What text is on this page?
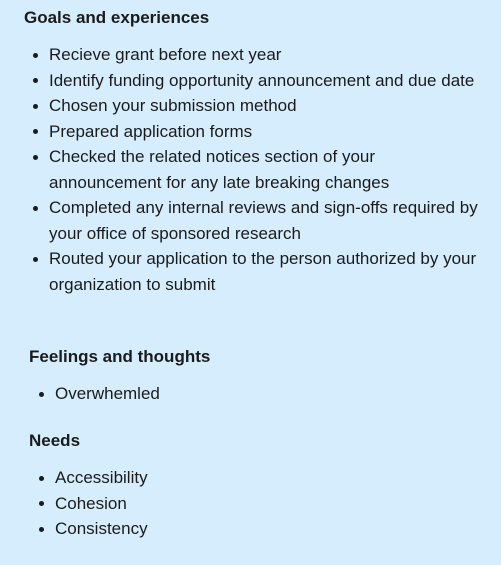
Goals and experiences
Recieve grant before next year
Identify funding opportunity announcement and due date
Chosen your submission method
Prepared application forms
Checked the related notices section of your announcement for any late breaking changes
Completed any internal reviews and sign-offs required by your office of sponsored research
Routed your application to the person authorized by your organization to submit
Feelings and thoughts
Overwhemled
Needs
Accessibility
Cohesion
Consistency
